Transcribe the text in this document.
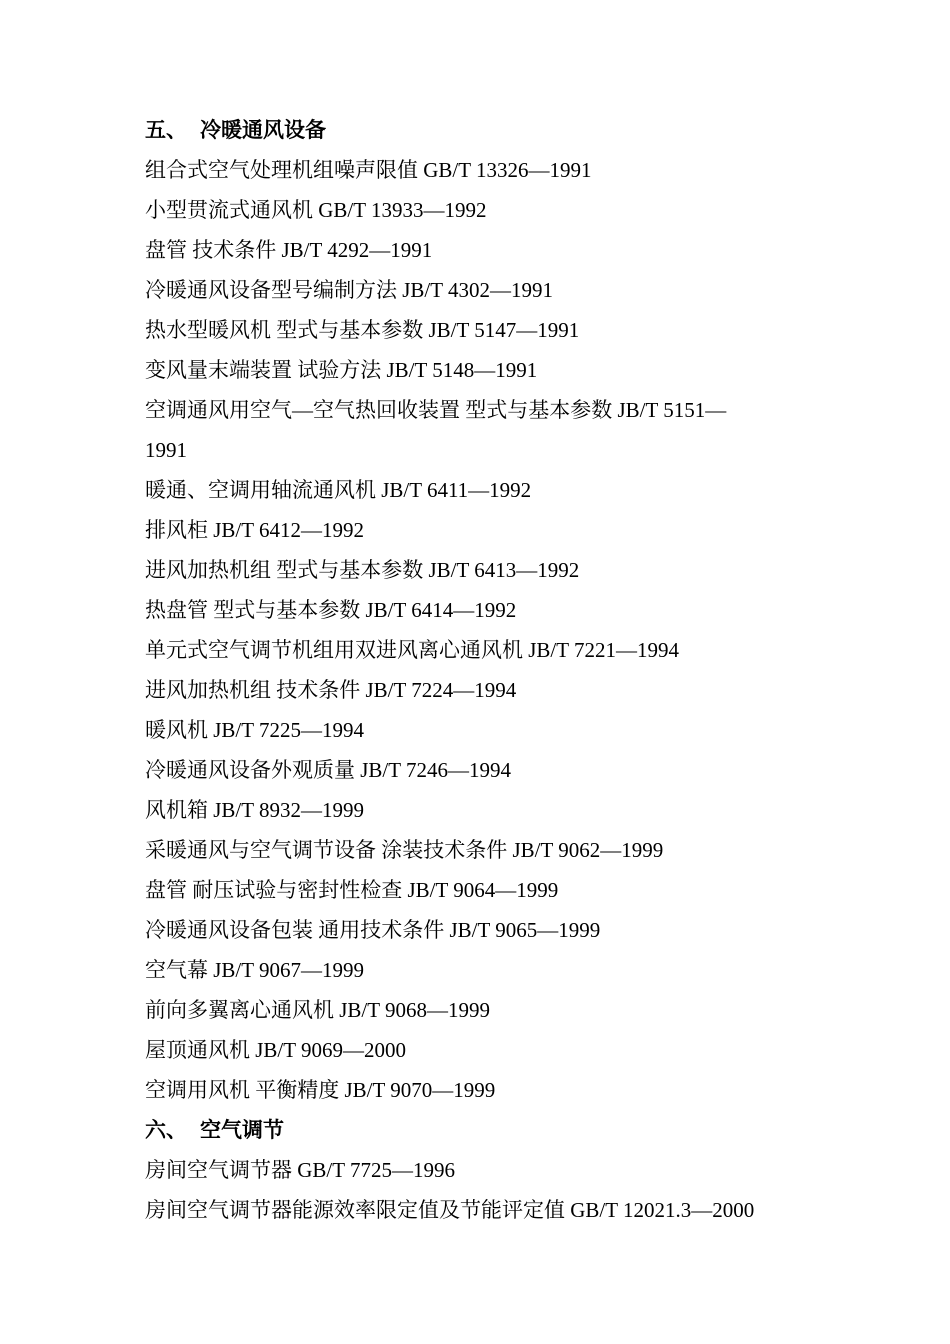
五、 冷暖通风设备
组合式空气处理机组噪声限值 GB/T 13326—1991
小型贯流式通风机 GB/T 13933—1992
盘管 技术条件 JB/T 4292—1991
冷暖通风设备型号编制方法 JB/T 4302—1991
热水型暖风机 型式与基本参数 JB/T 5147—1991
变风量末端装置 试验方法 JB/T 5148—1991
空调通风用空气—空气热回收装置 型式与基本参数 JB/T 5151—
1991
暖通、空调用轴流通风机 JB/T 6411—1992
排风柜 JB/T 6412—1992
进风加热机组 型式与基本参数 JB/T 6413—1992
热盘管 型式与基本参数 JB/T 6414—1992
单元式空气调节机组用双进风离心通风机 JB/T 7221—1994
进风加热机组 技术条件 JB/T 7224—1994
暖风机 JB/T 7225—1994
冷暖通风设备外观质量 JB/T 7246—1994
风机箱 JB/T 8932—1999
采暖通风与空气调节设备 涂装技术条件 JB/T 9062—1999
盘管 耐压试验与密封性检查 JB/T 9064—1999
冷暖通风设备包装 通用技术条件 JB/T 9065—1999
空气幕 JB/T 9067—1999
前向多翼离心通风机 JB/T 9068—1999
屋顶通风机 JB/T 9069—2000
空调用风机 平衡精度 JB/T 9070—1999
六、 空气调节
房间空气调节器 GB/T 7725—1996
房间空气调节器能源效率限定值及节能评定值 GB/T 12021.3—2000
